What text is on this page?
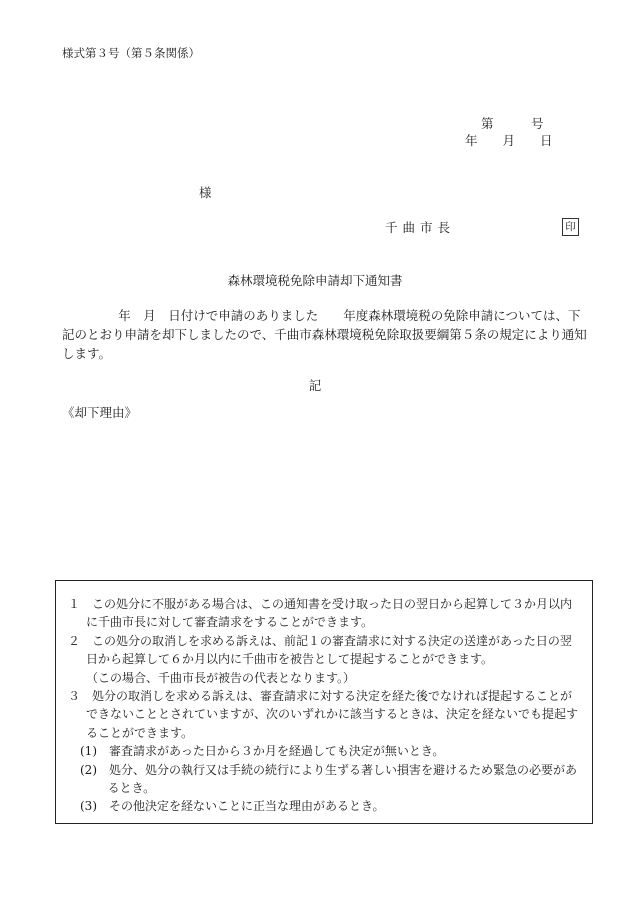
様式第３号（第５条関係）
第　　　号
年　　月　　日
様
千曲市長	印
森林環境税免除申請却下通知書

　　年　月　日付けで申請のありました　　年度森林環境税の免除申請については、下記のとおり申請を却下しましたので、千曲市森林環境税免除取扱要綱第５条の規定により通知します。

記
《却下理由》

１　この処分に不服がある場合は、この通知書を受け取った日の翌日から起算して３か月以内に千曲市長に対して審査請求をすることができます。

２　この処分の取消しを求める訴えは、前記１の審査請求に対する決定の送達があった日の翌日から起算して６か月以内に千曲市を被告として提起することができます。

（この場合、千曲市長が被告の代表となります。）

３　処分の取消しを求める訴えは、審査請求に対する決定を経た後でなければ提起することができないこととされていますが、次のいずれかに該当するときは、決定を経ないでも提起することができます。

(1)　審査請求があった日から３か月を経過しても決定が無いとき。

(2)　処分、処分の執行又は手続の続行により生ずる著しい損害を避けるため緊急の必要があるとき。

(3)　その他決定を経ないことに正当な理由があるとき。
